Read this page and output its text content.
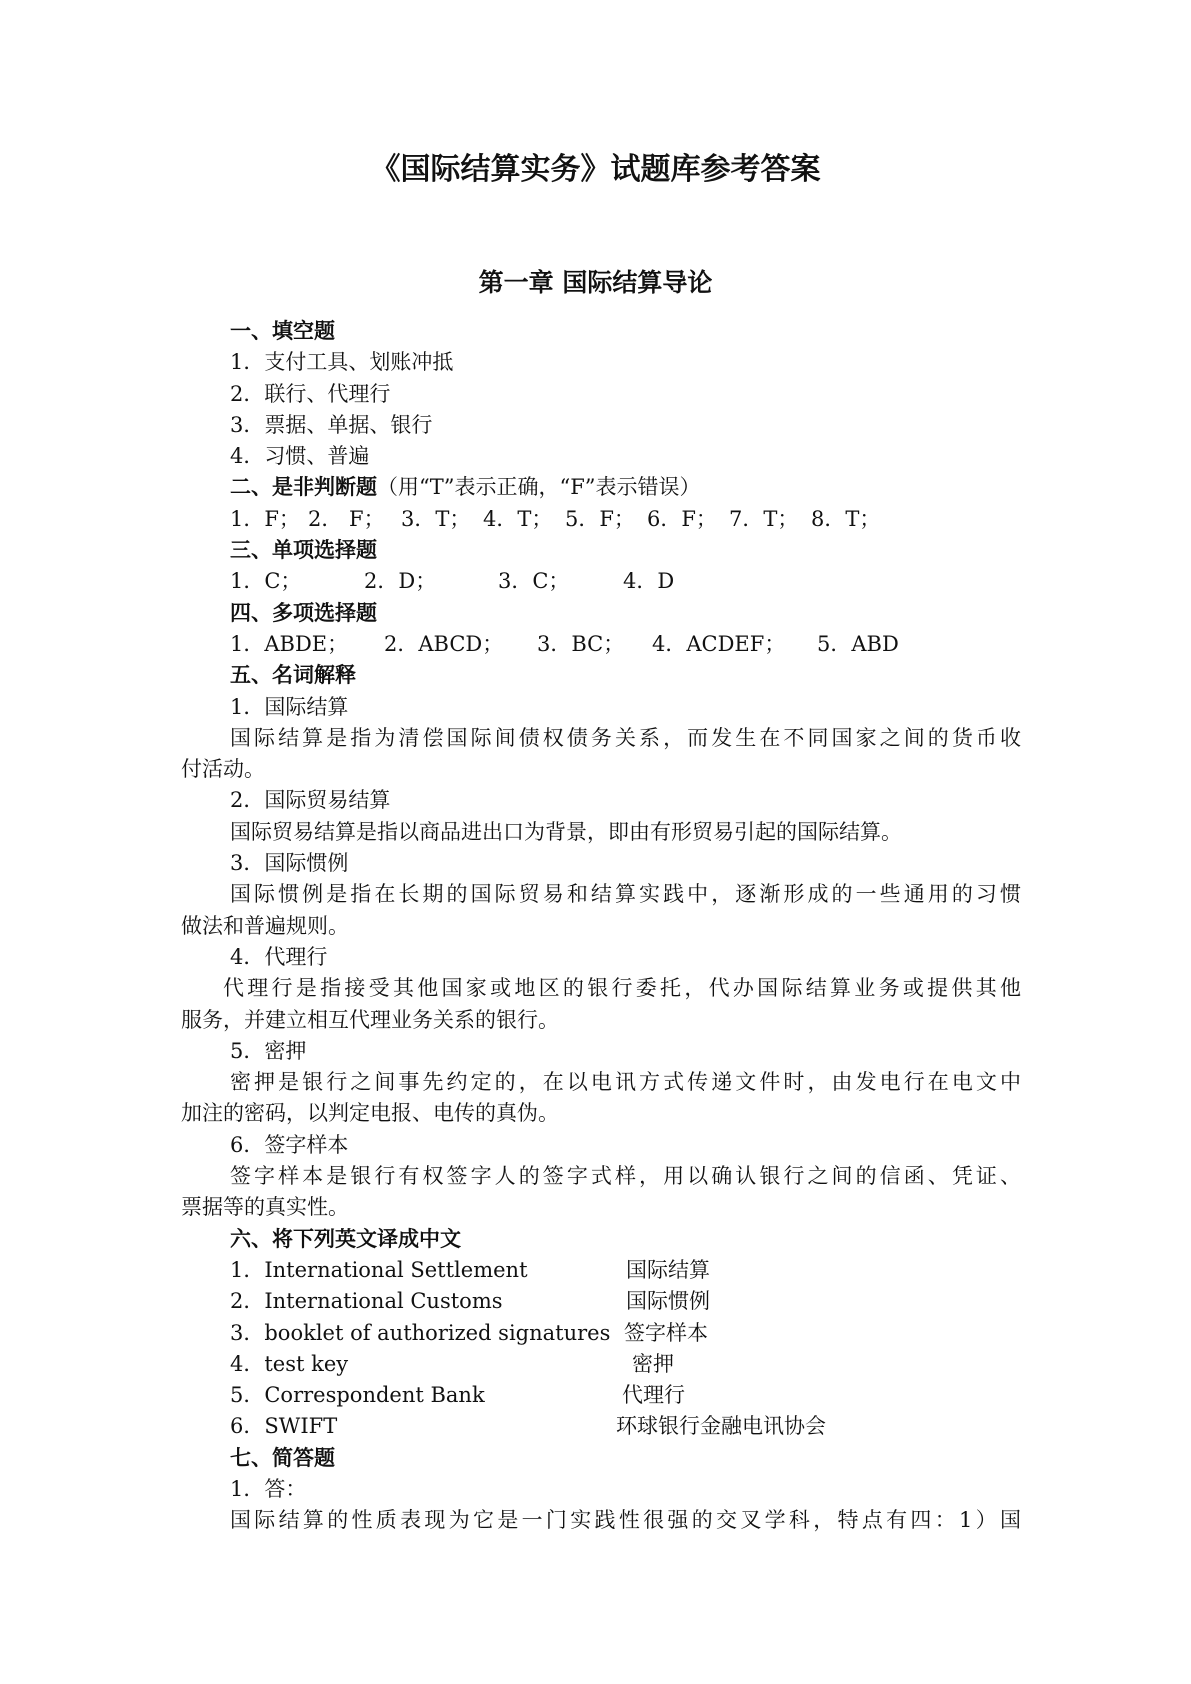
《国际结算实务》试题库参考答案
第一章 国际结算导论
一、填空题
1．支付工具、划账冲抵
2．联行、代理行
3．票据、单据、银行
4．习惯、普遍
二、是非判断题（用“T”表示正确，“F”表示错误）
1．F； 2． F； 3．T； 4．T； 5．F； 6．F； 7．T； 8．T；
三、单项选择题
1．C；	2．D；	3．C；	4．D
四、多项选择题
1．ABDE； 2．ABCD； 3．BC； 4．ACDEF； 5．ABD
五、名词解释
1．国际结算
国际结算是指为清偿国际间债权债务关系，而发生在不同国家之间的货币收
付活动。
2．国际贸易结算
国际贸易结算是指以商品进出口为背景，即由有形贸易引起的国际结算。
3．国际惯例
国际惯例是指在长期的国际贸易和结算实践中，逐渐形成的一些通用的习惯
做法和普遍规则。
4．代理行
代理行是指接受其他国家或地区的银行委托，代办国际结算业务或提供其他
服务，并建立相互代理业务关系的银行。
5．密押
密押是银行之间事先约定的，在以电讯方式传递文件时，由发电行在电文中
加注的密码，以判定电报、电传的真伪。
6．签字样本
签字样本是银行有权签字人的签字式样，用以确认银行之间的信函、凭证、
票据等的真实性。
六、将下列英文译成中文
1．International Settlement	国际结算
2．International Customs	国际惯例
3．booklet of authorized signatures 签字样本
4．test key	密押
5．Correspondent Bank	代理行
6．SWIFT	环球银行金融电讯协会
七、简答题
1．答：
国际结算的性质表现为它是一门实践性很强的交叉学科，特点有四：1）国
